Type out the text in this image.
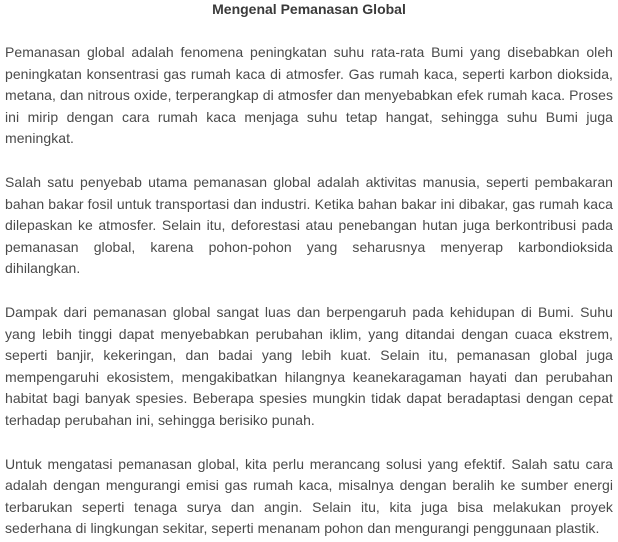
Mengenal Pemanasan Global

Pemanasan global adalah fenomena peningkatan suhu rata-rata Bumi yang disebabkan oleh peningkatan konsentrasi gas rumah kaca di atmosfer. Gas rumah kaca, seperti karbon dioksida, metana, dan nitrous oxide, terperangkap di atmosfer dan menyebabkan efek rumah kaca. Proses ini mirip dengan cara rumah kaca menjaga suhu tetap hangat, sehingga suhu Bumi juga meningkat.

Salah satu penyebab utama pemanasan global adalah aktivitas manusia, seperti pembakaran bahan bakar fosil untuk transportasi dan industri. Ketika bahan bakar ini dibakar, gas rumah kaca dilepaskan ke atmosfer. Selain itu, deforestasi atau penebangan hutan juga berkontribusi pada pemanasan global, karena pohon-pohon yang seharusnya menyerap karbondioksida dihilangkan.

Dampak dari pemanasan global sangat luas dan berpengaruh pada kehidupan di Bumi. Suhu yang lebih tinggi dapat menyebabkan perubahan iklim, yang ditandai dengan cuaca ekstrem, seperti banjir, kekeringan, dan badai yang lebih kuat. Selain itu, pemanasan global juga mempengaruhi ekosistem, mengakibatkan hilangnya keanekaragaman hayati dan perubahan habitat bagi banyak spesies. Beberapa spesies mungkin tidak dapat beradaptasi dengan cepat terhadap perubahan ini, sehingga berisiko punah.

Untuk mengatasi pemanasan global, kita perlu merancang solusi yang efektif. Salah satu cara adalah dengan mengurangi emisi gas rumah kaca, misalnya dengan beralih ke sumber energi terbarukan seperti tenaga surya dan angin. Selain itu, kita juga bisa melakukan proyek sederhana di lingkungan sekitar, seperti menanam pohon dan mengurangi penggunaan plastik.
